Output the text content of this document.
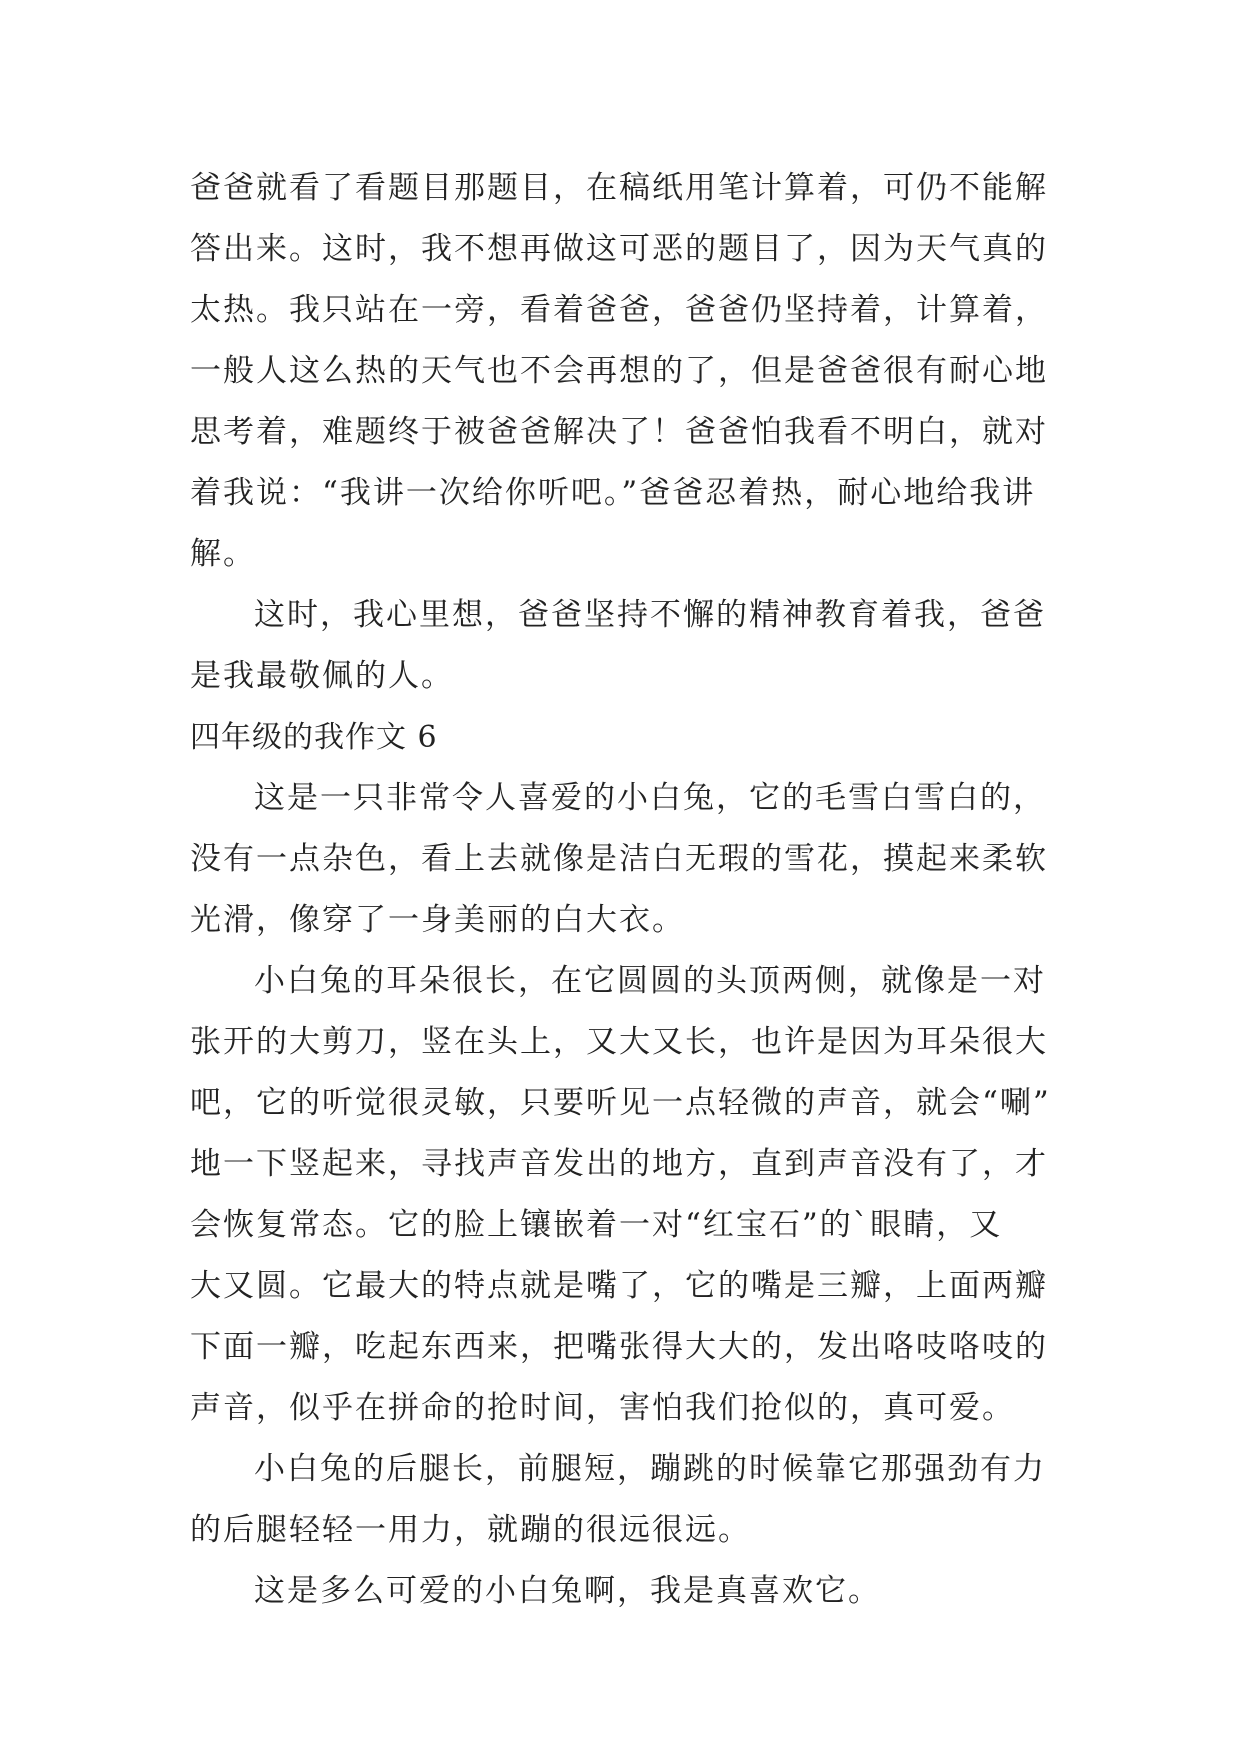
爸爸就看了看题目那题目，在稿纸用笔计算着，可仍不能解
答出来。这时，我不想再做这可恶的题目了，因为天气真的
太热。我只站在一旁，看着爸爸，爸爸仍坚持着，计算着，
一般人这么热的天气也不会再想的了，但是爸爸很有耐心地
思考着，难题终于被爸爸解决了！爸爸怕我看不明白，就对
着我说：“我讲一次给你听吧。”爸爸忍着热，耐心地给我讲
解。
这时，我心里想，爸爸坚持不懈的精神教育着我，爸爸
是我最敬佩的人。
四年级的我作文 6
这是一只非常令人喜爱的小白兔，它的毛雪白雪白的，
没有一点杂色，看上去就像是洁白无瑕的雪花，摸起来柔软
光滑，像穿了一身美丽的白大衣。
小白兔的耳朵很长，在它圆圆的头顶两侧，就像是一对
张开的大剪刀，竖在头上，又大又长，也许是因为耳朵很大
吧，它的听觉很灵敏，只要听见一点轻微的声音，就会“唰”
地一下竖起来，寻找声音发出的地方，直到声音没有了，才
会恢复常态。它的脸上镶嵌着一对“红宝石”的`眼睛，又
大又圆。它最大的特点就是嘴了，它的嘴是三瓣，上面两瓣
下面一瓣，吃起东西来，把嘴张得大大的，发出咯吱咯吱的
声音，似乎在拼命的抢时间，害怕我们抢似的，真可爱。
小白兔的后腿长，前腿短，蹦跳的时候靠它那强劲有力
的后腿轻轻一用力，就蹦的很远很远。
这是多么可爱的小白兔啊，我是真喜欢它。
